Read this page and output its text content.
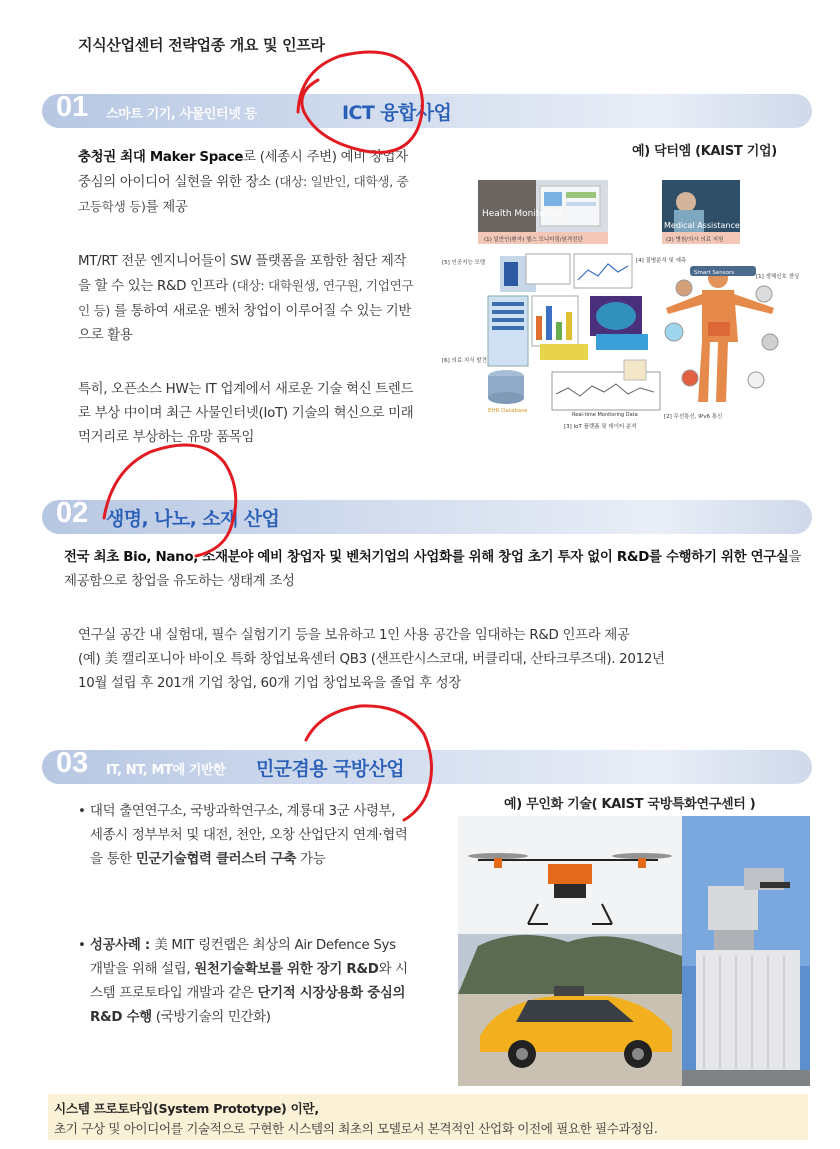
지식산업센터 전략업종 개요 및 인프라
01 스마트 기기, 사물인터넷 등	ICT 융합사업

충청권 최대 Maker Space로 (세종시 주변) 예비 창업자 중심의 아이디어 실현을 위한 장소 (대상: 일반인, 대학생, 중고등학생 등)를 제공

MT/RT 전문 엔지니어들이 SW 플랫폼을 포함한 첨단 제작을 할 수 있는 R&D 인프라 (대상: 대학원생, 연구원, 기업연구인 등) 를 통하여 새로운 벤처 창업이 이루어질 수 있는 기반으로 활용

특히, 오픈소스 HW는 IT 업계에서 새로운 기술 혁신 트렌드로 부상 中이며 최근 사물인터넷(IoT) 기술의 혁신으로 미래먹거리로 부상하는 유망 품목임

예) 닥터엠 (KAIST 기업)
Health Monitoring
(1) 일반인(환자) 헬스 모니터링/원격진단
Medical Assistance
(2) 병원/의사 의료 지원
[5] 인공지능 모델
[6] 의료 지식 발견
[4] 질병분석 및 예측
[1] 생체신호 센싱
[2] 무선통신, IPv6 통신
EHR Database
Real-time Monitoring Data
[3] IoT 플랫폼 및 데이터 분석
Smart Sensors
02 생명, 나노, 소재 산업

전국 최초 Bio, Nano, 소재분야 예비 창업자 및 벤처기업의 사업화를 위해 창업 초기 투자 없이 R&D를 수행하기 위한 연구실을 제공함으로 창업을 유도하는 생태계 조성

연구실 공간 내 실험대, 필수 실험기기 등을 보유하고 1인 사용 공간을 임대하는 R&D 인프라 제공
(예) 美 캘리포니아 바이오 특화 창업보육센터 QB3 (샌프란시스코대, 버클리대, 산타크루즈대). 2012년
10월 설립 후 201개 기업 창업, 60개 기업 창업보육을 졸업 후 성장
03 IT, NT, MT에 기반한 민군겸용 국방산업
• 대덕 출연연구소, 국방과학연구소, 계룡대 3군 사령부, 세종시 정부부처 및 대전, 천안, 오창 산업단지 연계·협력을 통한 민군기술협력 클러스터 구축 가능
• 성공사례 : 美 MIT 링컨랩은 최상의 Air Defence Sys개발을 위해 설립, 원천기술확보를 위한 장기 R&D와 시스템 프로토타입 개발과 같은 단기적 시장상용화 중심의 R&D 수행 (국방기술의 민간화)
예) 무인화 기술( KAIST 국방특화연구센터 )
시스템 프로토타입(System Prototype) 이란,
초기 구상 및 아이디어를 기술적으로 구현한 시스템의 최초의 모델로서 본격적인 산업화 이전에 필요한 필수과정임.
